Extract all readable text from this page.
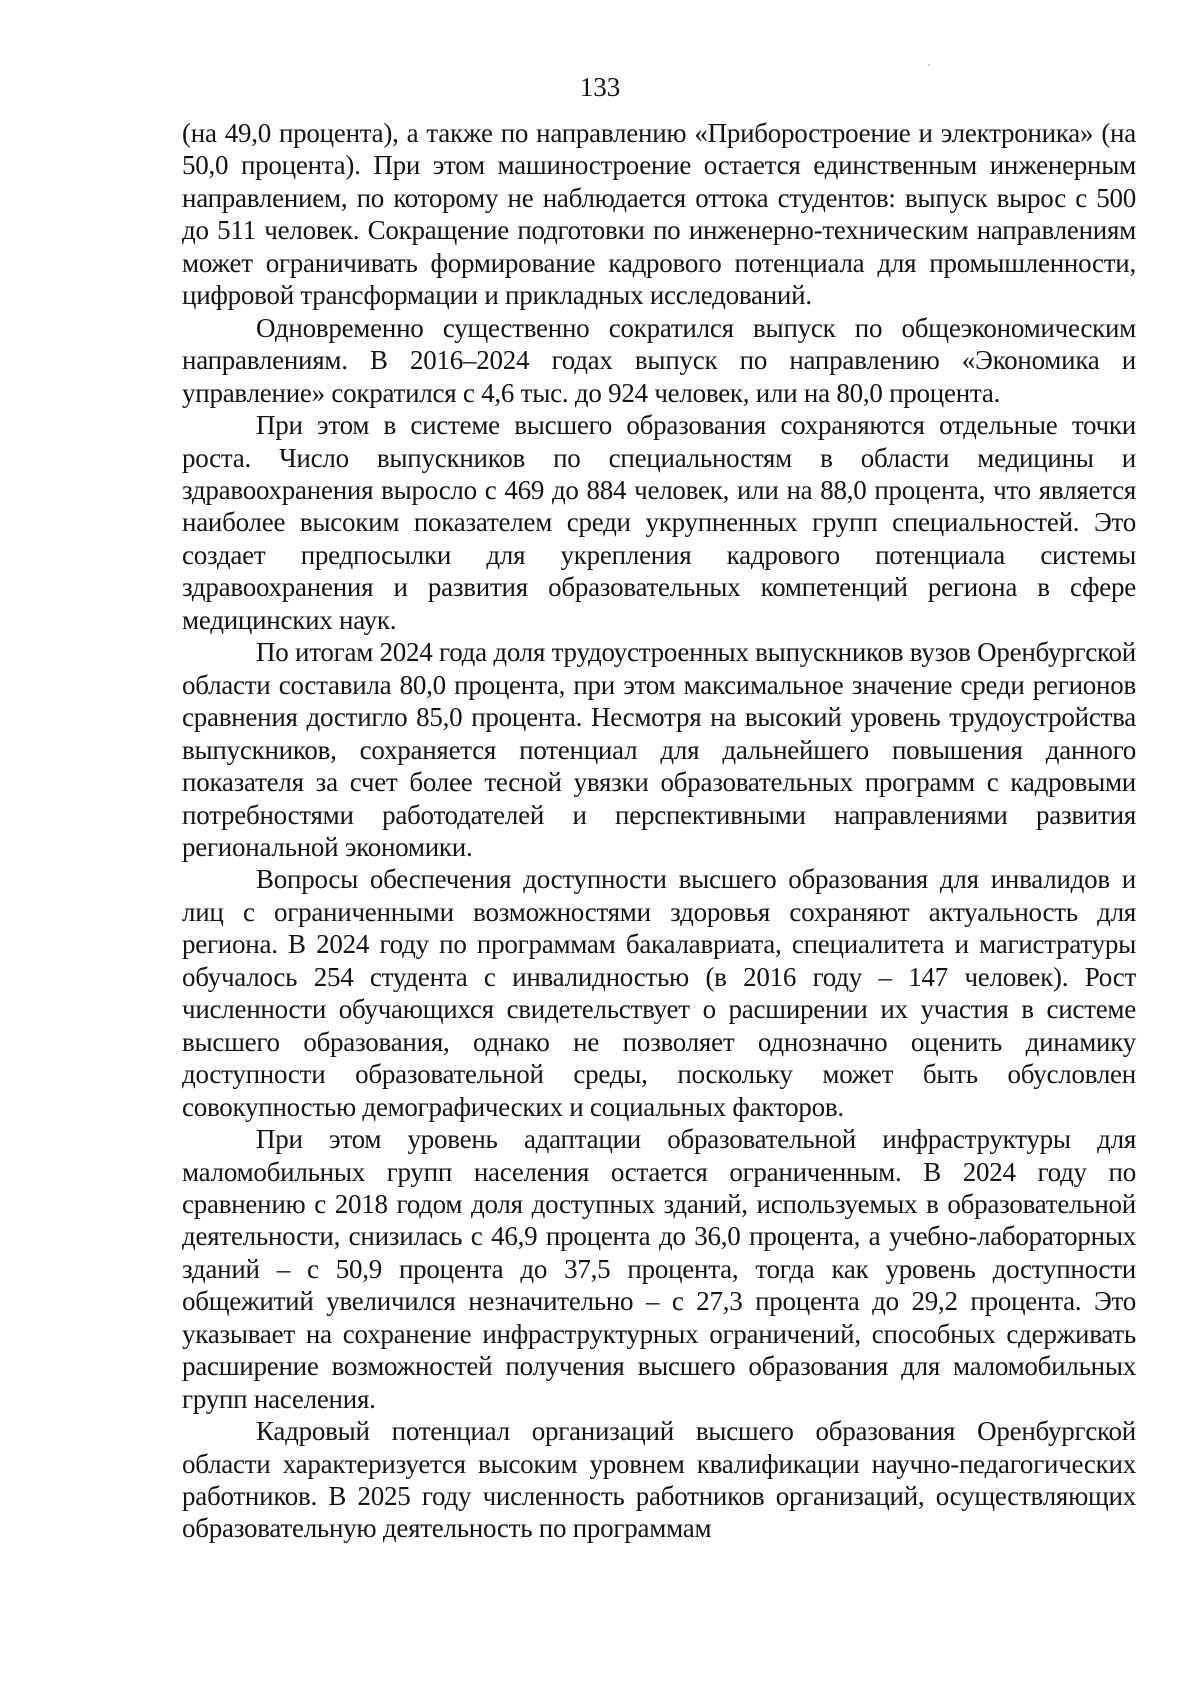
133

(на 49,0 процента), а также по направлению «Приборостроение и электроника» (на 50,0 процента). При этом машиностроение остается единственным инженерным направлением, по которому не наблюдается оттока студентов: выпуск вырос с 500 до 511 человек. Сокращение подготовки по инженерно-техническим направлениям может ограничивать формирование кадрового потенциала для промышленности, цифровой трансформации и прикладных исследований.

Одновременно существенно сократился выпуск по общеэкономическим направлениям. В 2016–2024 годах выпуск по направлению «Экономика и управление» сократился с 4,6 тыс. до 924 человек, или на 80,0 процента.

При этом в системе высшего образования сохраняются отдельные точки роста. Число выпускников по специальностям в области медицины и здравоохранения выросло с 469 до 884 человек, или на 88,0 процента, что является наиболее высоким показателем среди укрупненных групп специальностей. Это создает предпосылки для укрепления кадрового потенциала системы здравоохранения и развития образовательных компетенций региона в сфере медицинских наук.

По итогам 2024 года доля трудоустроенных выпускников вузов Оренбургской области составила 80,0 процента, при этом максимальное значение среди регионов сравнения достигло 85,0 процента. Несмотря на высокий уровень трудоустройства выпускников, сохраняется потенциал для дальнейшего повышения данного показателя за счет более тесной увязки образовательных программ с кадровыми потребностями работодателей и перспективными направлениями развития региональной экономики.

Вопросы обеспечения доступности высшего образования для инвалидов и лиц с ограниченными возможностями здоровья сохраняют актуальность для региона. В 2024 году по программам бакалавриата, специалитета и магистратуры обучалось 254 студента с инвалидностью (в 2016 году – 147 человек). Рост численности обучающихся свидетельствует о расширении их участия в системе высшего образования, однако не позволяет однозначно оценить динамику доступности образовательной среды, поскольку может быть обусловлен совокупностью демографических и социальных факторов.

При этом уровень адаптации образовательной инфраструктуры для маломобильных групп населения остается ограниченным. В 2024 году по сравнению с 2018 годом доля доступных зданий, используемых в образовательной деятельности, снизилась с 46,9 процента до 36,0 процента, а учебно-лабораторных зданий – с 50,9 процента до 37,5 процента, тогда как уровень доступности общежитий увеличился незначительно – с 27,3 процента до 29,2 процента. Это указывает на сохранение инфраструктурных ограничений, способных сдерживать расширение возможностей получения высшего образования для маломобильных групп населения.

Кадровый потенциал организаций высшего образования Оренбургской области характеризуется высоким уровнем квалификации научно-педагогических работников. В 2025 году численность работников организаций, осуществляющих образовательную деятельность по программам
